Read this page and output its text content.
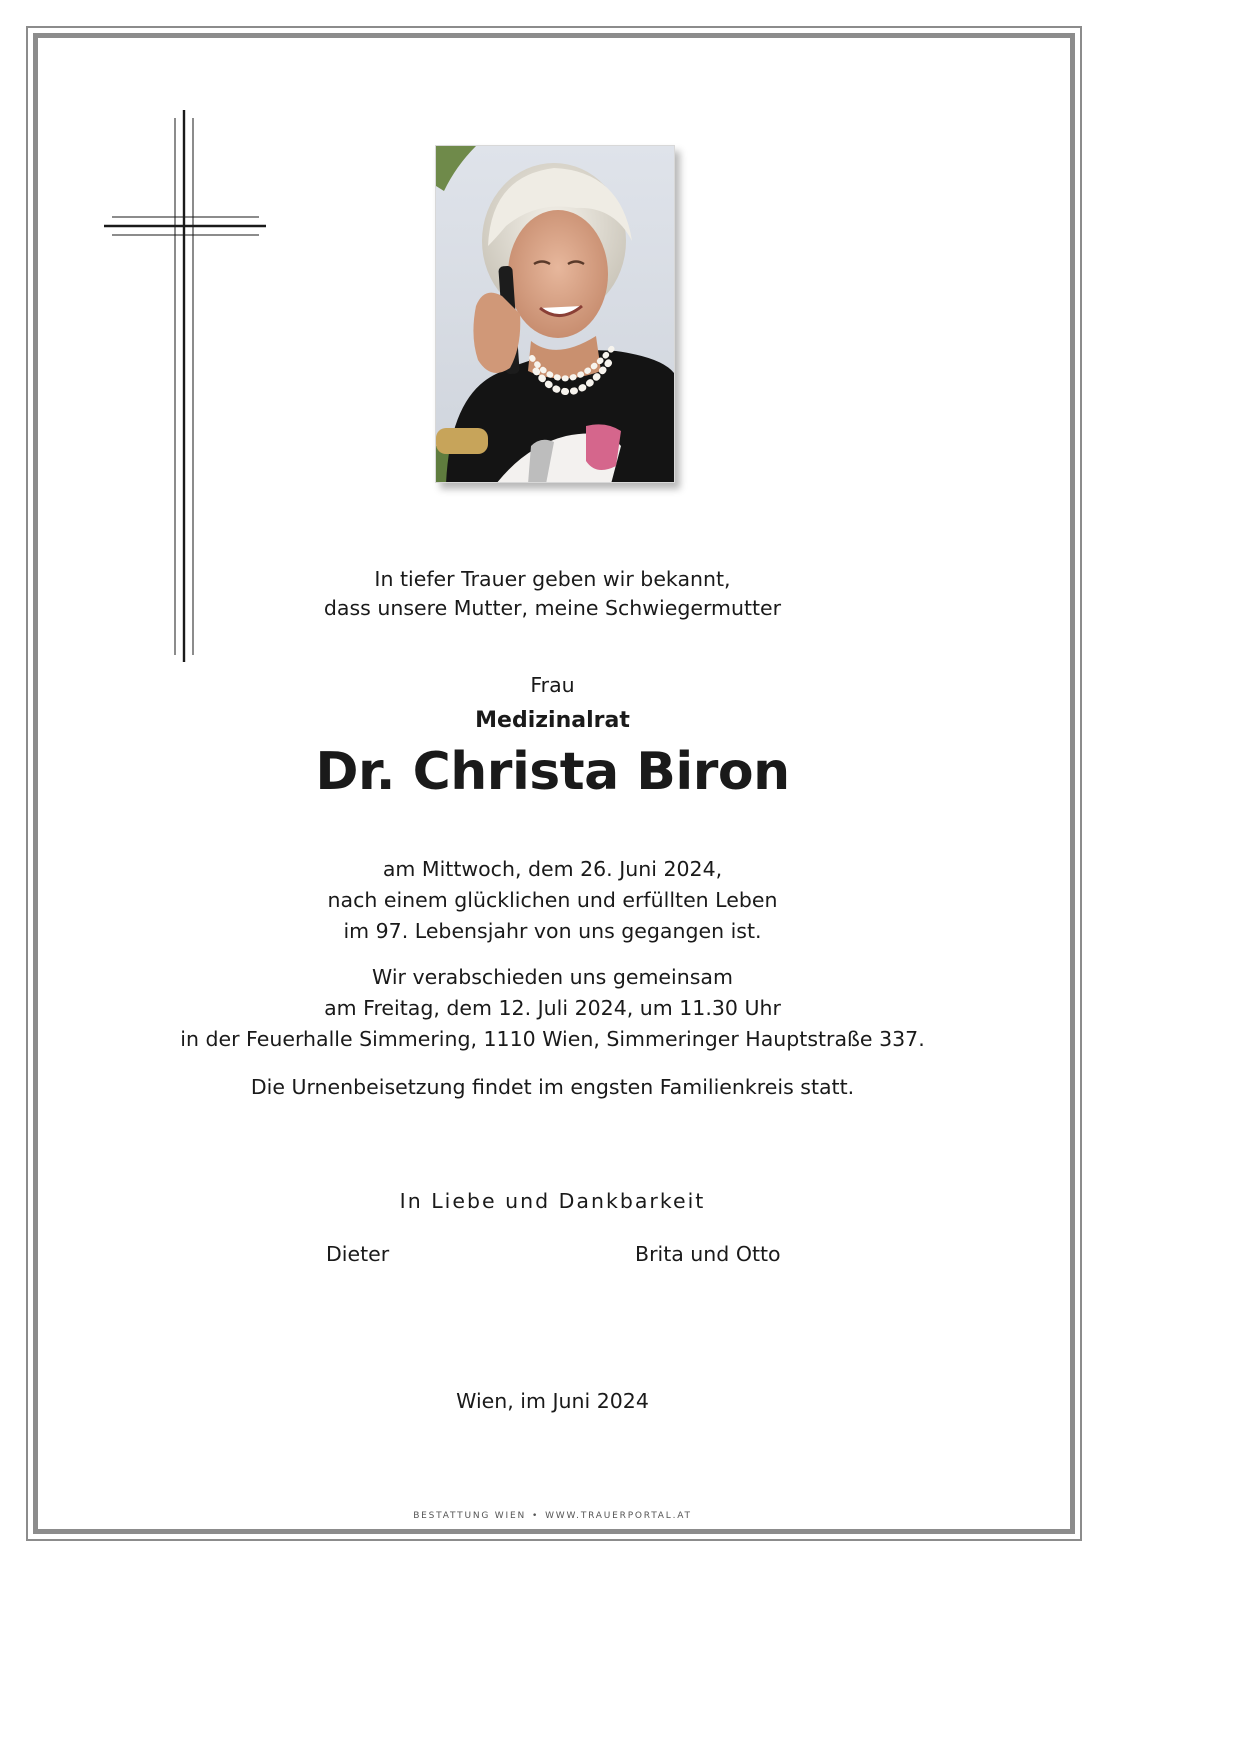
In tiefer Trauer geben wir bekannt,
dass unsere Mutter, meine Schwiegermutter
Frau
Medizinalrat
Dr. Christa Biron
am Mittwoch, dem 26. Juni 2024,
nach einem glücklichen und erfüllten Leben
im 97. Lebensjahr von uns gegangen ist.
Wir verabschieden uns gemeinsam
am Freitag, dem 12. Juli 2024, um 11.30 Uhr
in der Feuerhalle Simmering, 1110 Wien, Simmeringer Hauptstraße 337.
Die Urnenbeisetzung findet im engsten Familienkreis statt.
In Liebe und Dankbarkeit
Dieter	Brita und Otto
Wien, im Juni 2024
BESTATTUNG WIEN • WWW.TRAUERPORTAL.AT
